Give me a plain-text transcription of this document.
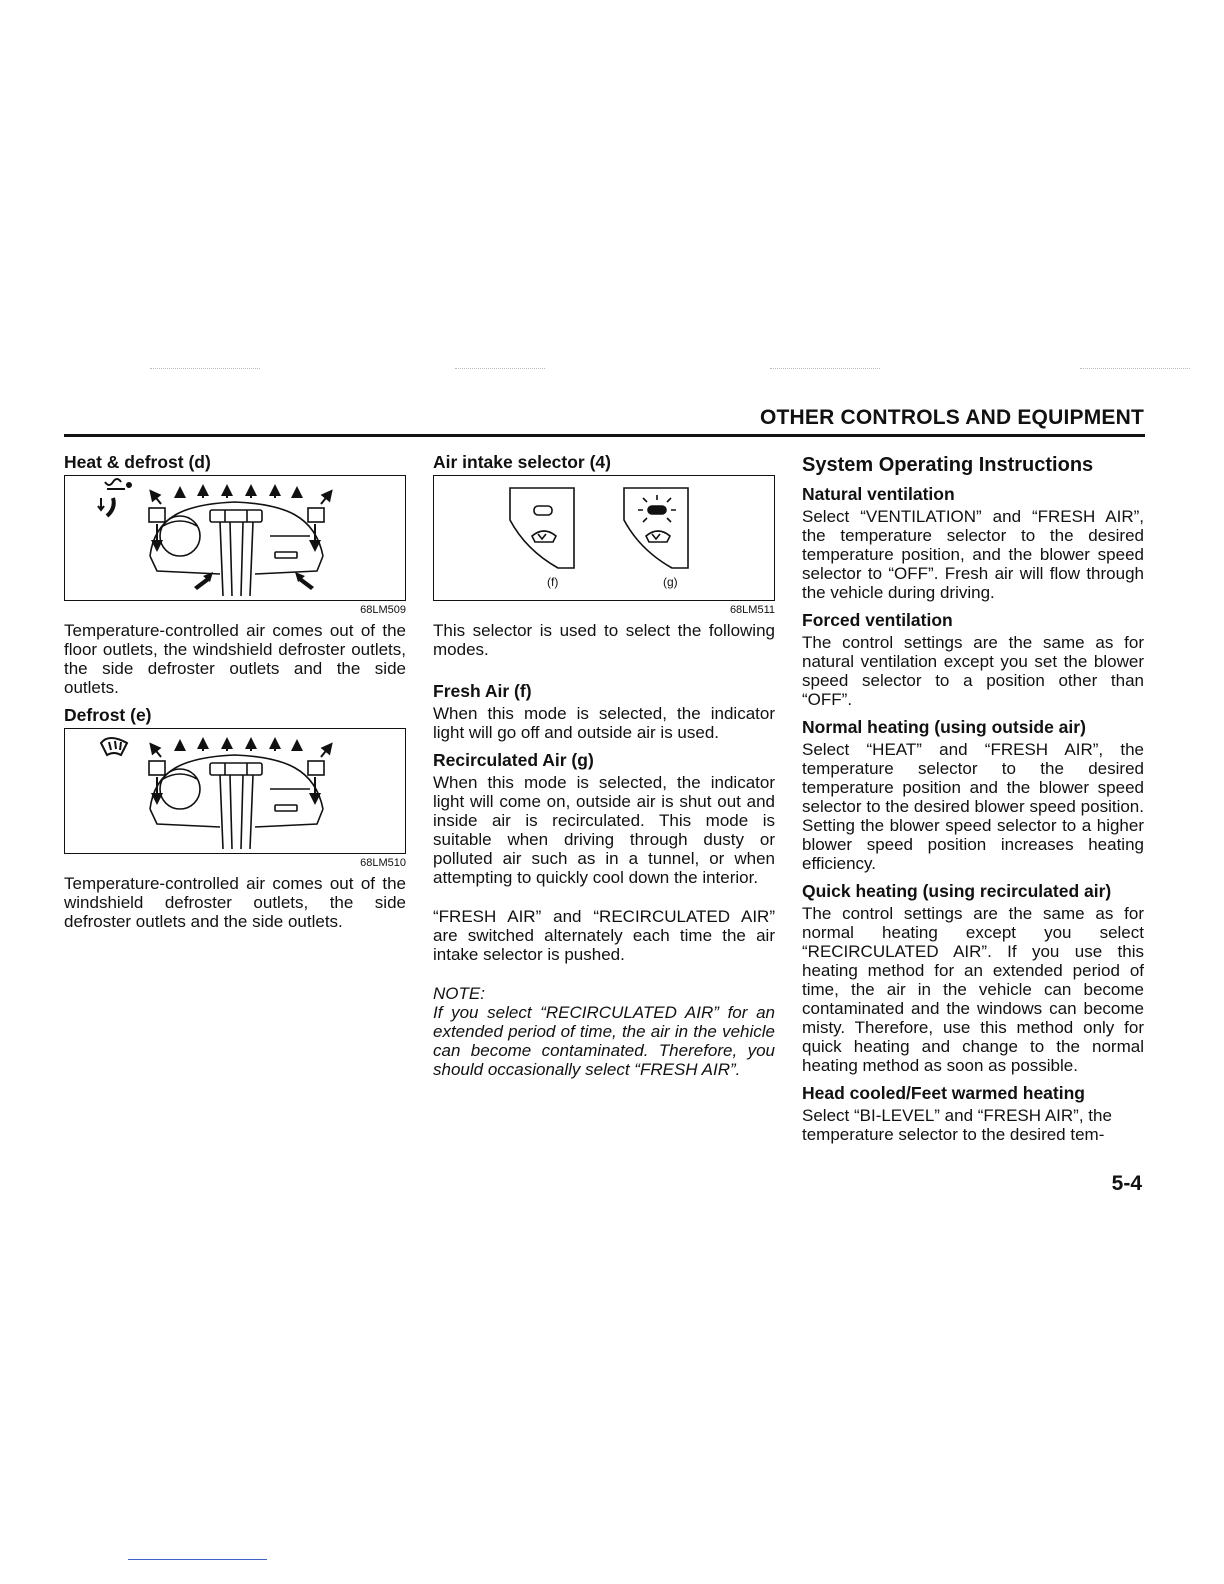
OTHER CONTROLS AND EQUIPMENT
Heat & defrost (d)
68LM509

Temperature-controlled air comes out of the floor outlets, the windshield defroster outlets, the side defroster outlets and the side outlets.

Defrost (e)
68LM510

Temperature-controlled air comes out of the windshield defroster outlets, the side defroster outlets and the side outlets.

Air intake selector (4)
(f)	(g)
68LM511

This selector is used to select the following modes.

Fresh Air (f)

When this mode is selected, the indicator light will go off and outside air is used.

Recirculated Air (g)

When this mode is selected, the indicator light will come on, outside air is shut out and inside air is recirculated. This mode is suitable when driving through dusty or polluted air such as in a tunnel, or when attempting to quickly cool down the interior.

“FRESH AIR” and “RECIRCULATED AIR” are switched alternately each time the air intake selector is pushed.

NOTE:

If you select “RECIRCULATED AIR” for an extended period of time, the air in the vehicle can become contaminated. Therefore, you should occasionally select “FRESH AIR”.

System Operating Instructions
Natural ventilation

Select “VENTILATION” and “FRESH AIR”, the temperature selector to the desired temperature position, and the blower speed selector to “OFF”. Fresh air will flow through the vehicle during driving.

Forced ventilation

The control settings are the same as for natural ventilation except you set the blower speed selector to a position other than “OFF”.

Normal heating (using outside air)

Select “HEAT” and “FRESH AIR”, the temperature selector to the desired temperature position and the blower speed selector to the desired blower speed position. Setting the blower speed selector to a higher blower speed position increases heating efficiency.

Quick heating (using recirculated air)

The control settings are the same as for normal heating except you select “RECIRCULATED AIR”. If you use this heating method for an extended period of time, the air in the vehicle can become contaminated and the windows can become misty. Therefore, use this method only for quick heating and change to the normal heating method as soon as possible.

Head cooled/Feet warmed heating

Select “BI-LEVEL” and “FRESH AIR”, the temperature selector to the desired tem-

5-4
